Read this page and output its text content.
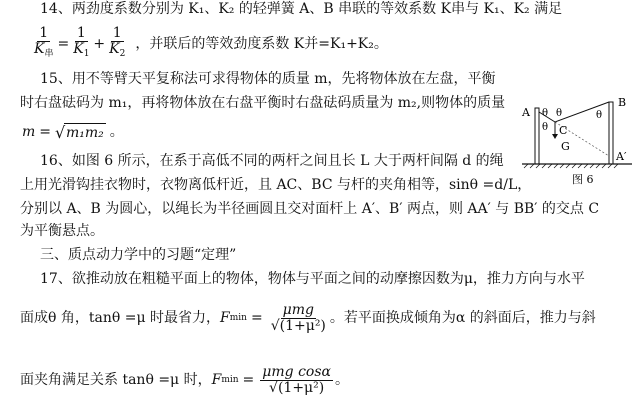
14、两劲度系数分别为 K₁、K₂ 的轻弹簧 A、B 串联的等效系数 K串与 K₁、K₂ 满足
$\frac{1}{K_串} = \frac{1}{K_1} + \frac{1}{K_2}$ ，并联后的等效劲度系数 K并=K₁+K₂。
15、用不等臂天平复称法可求得物体的质量 m，先将物体放在左盘，平衡
时右盘砝码为 m₁，再将物体放在右盘平衡时右盘砝码质量为 m₂,则物体的质量
m = √ m₁m₂ 。
A
B
C
G
A′
θ θ
θ
θ
图 6
16、如图 6 所示，在系于高低不同的两杆之间且长 L 大于两杆间隔 d 的绳
上用光滑钩挂衣物时，衣物离低杆近，且 AC、BC 与杆的夹角相等，sinθ =d/L，
分别以 A、B 为圆心，以绳长为半径画圆且交对面杆上 A′、B′ 两点，则 AA′ 与 BB′ 的交点 C
为平衡悬点。
三、质点动力学中的习题“定理”
17、欲推动放在粗糙平面上的物体，物体与平面之间的动摩擦因数为μ，推力方向与水平
面成θ 角，tanθ =μ 时最省力， F $\min = \frac{\text{μmg}}{\text{√(1+μ²)}}$ 。若平面换成倾角为α 的斜面后，推力与斜
面夹角满足关系 tanθ =μ 时， F $\min = \frac{\text{μmg cosα}}{\text{√(1+μ²)}}$ 。
